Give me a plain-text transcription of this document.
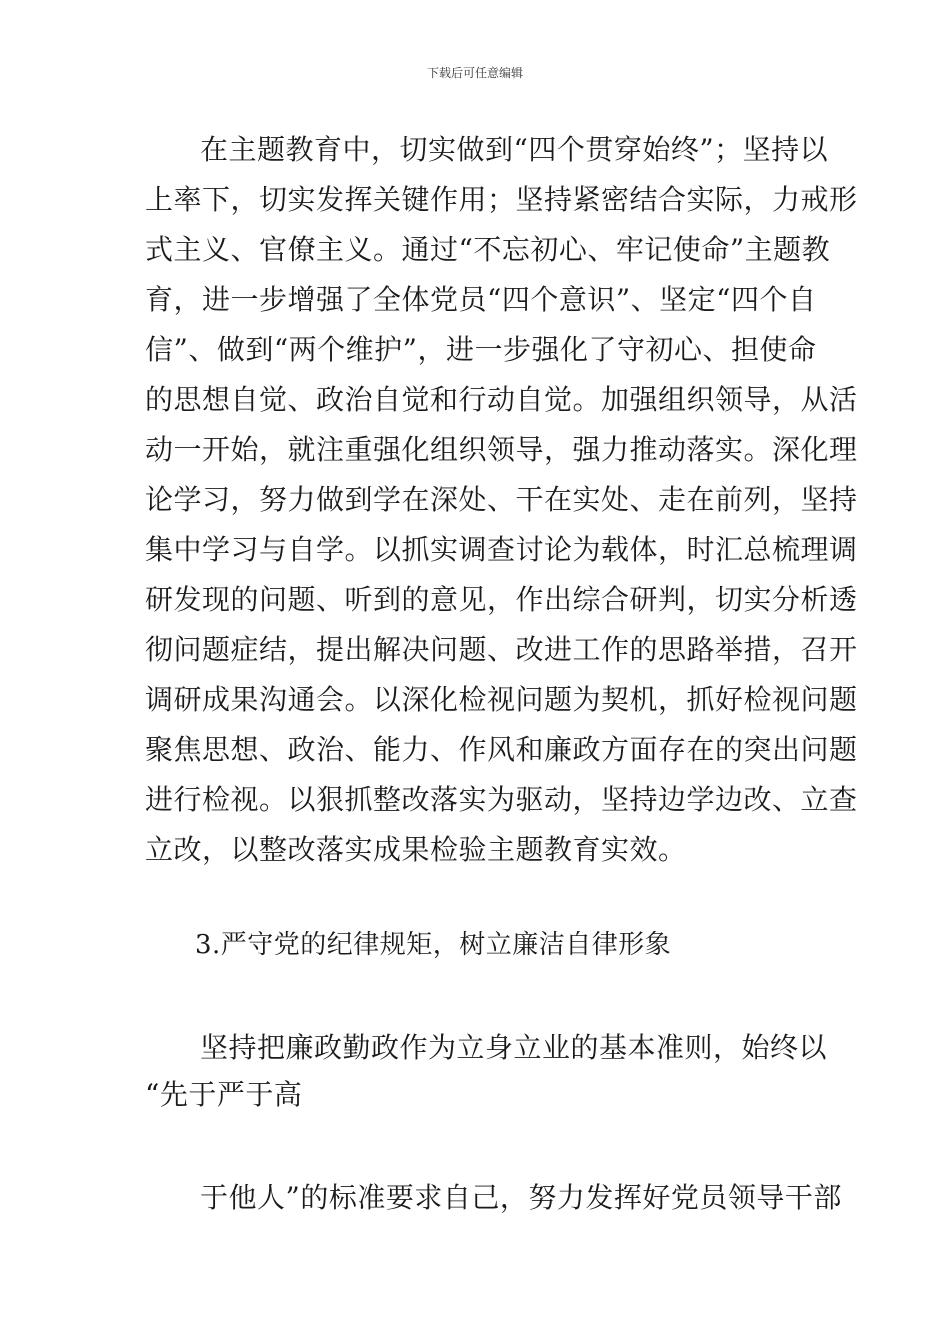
下载后可任意编辑
在主题教育中，切实做到“四个贯穿始终”；坚持以
上率下，切实发挥关键作用；坚持紧密结合实际，力戒形
式主义、官僚主义。通过“不忘初心、牢记使命”主题教
育，进一步增强了全体党员“四个意识”、坚定“四个自
信”、做到“两个维护”，进一步强化了守初心、担使命
的思想自觉、政治自觉和行动自觉。加强组织领导，从活
动一开始，就注重强化组织领导，强力推动落实。深化理
论学习，努力做到学在深处、干在实处、走在前列，坚持
集中学习与自学。以抓实调查讨论为载体，时汇总梳理调
研发现的问题、听到的意见，作出综合研判，切实分析透
彻问题症结，提出解决问题、改进工作的思路举措，召开
调研成果沟通会。以深化检视问题为契机，抓好检视问题
聚焦思想、政治、能力、作风和廉政方面存在的突出问题
进行检视。以狠抓整改落实为驱动，坚持边学边改、立查
立改，以整改落实成果检验主题教育实效。
3.严守党的纪律规矩，树立廉洁自律形象
坚持把廉政勤政作为立身立业的基本准则，始终以
“先于严于高
于他人”的标准要求自己，努力发挥好党员领导干部
